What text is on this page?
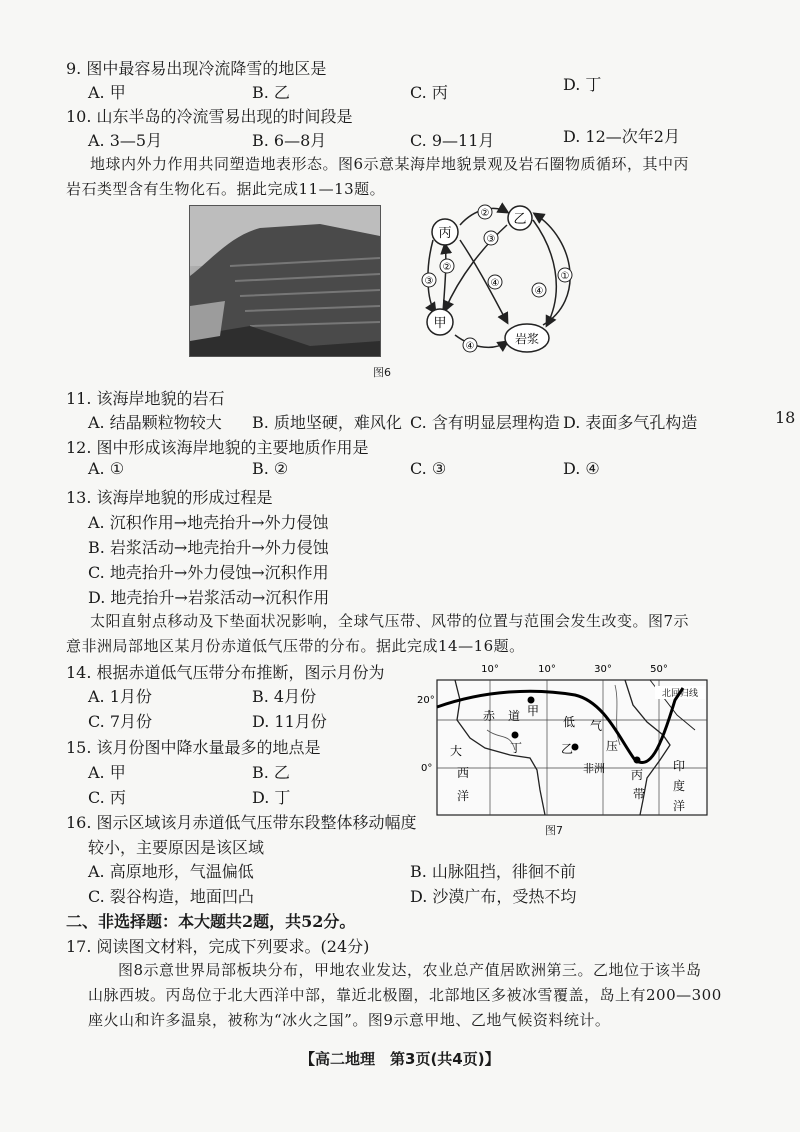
9. 图中最容易出现冷流降雪的地区是
A. 甲	B. 乙	C. 丙	D. 丁
10. 山东半岛的冷流雪易出现的时间段是
A. 3—5月	B. 6—8月	C. 9—11月	D. 12—次年2月
地球内外力作用共同塑造地表形态。图6示意某海岸地貌景观及岩石圈物质循环，其中丙
岩石类型含有生物化石。据此完成11—13题。
乙
丙
甲
岩浆
②
③
②
③	④
④
①
④
图6
11. 该海岸地貌的岩石
A. 结晶颗粒物较大 B. 质地坚硬，难风化 C. 含有明显层理构造 D. 表面多气孔构造	18
12. 图中形成该海岸地貌的主要地质作用是
A. ①	B. ②	C. ③	D. ④
13. 该海岸地貌的形成过程是
A. 沉积作用→地壳抬升→外力侵蚀
B. 岩浆活动→地壳抬升→外力侵蚀
C. 地壳抬升→外力侵蚀→沉积作用
D. 地壳抬升→岩浆活动→沉积作用
太阳直射点移动及下垫面状况影响，全球气压带、风带的位置与范围会发生改变。图7示
意非洲局部地区某月份赤道低气压带的分布。据此完成14—16题。
14. 根据赤道低气压带分布推断，图示月份为
A. 1月份	B. 4月份
C. 7月份	D. 11月份
15. 该月份图中降水量最多的地点是
A. 甲	B. 乙
C. 丙	D. 丁
10°	10°	30°	50°
20°
0°
北回归线
赤 道	低 气
压
带
甲
乙
丙
丁
大
西
洋
印
度
洋
非洲
图7
16. 图示区域该月赤道低气压带东段整体移动幅度
较小，主要原因是该区域
A. 高原地形，气温偏低	B. 山脉阻挡，徘徊不前
C. 裂谷构造，地面凹凸	D. 沙漠广布，受热不均
二、非选择题：本大题共2题，共52分。
17. 阅读图文材料，完成下列要求。(24分)
图8示意世界局部板块分布，甲地农业发达，农业总产值居欧洲第三。乙地位于该半岛
山脉西坡。丙岛位于北大西洋中部，靠近北极圈，北部地区多被冰雪覆盖，岛上有200—300
座火山和许多温泉，被称为“冰火之国”。图9示意甲地、乙地气候资料统计。
【高二地理　第3页(共4页)】
